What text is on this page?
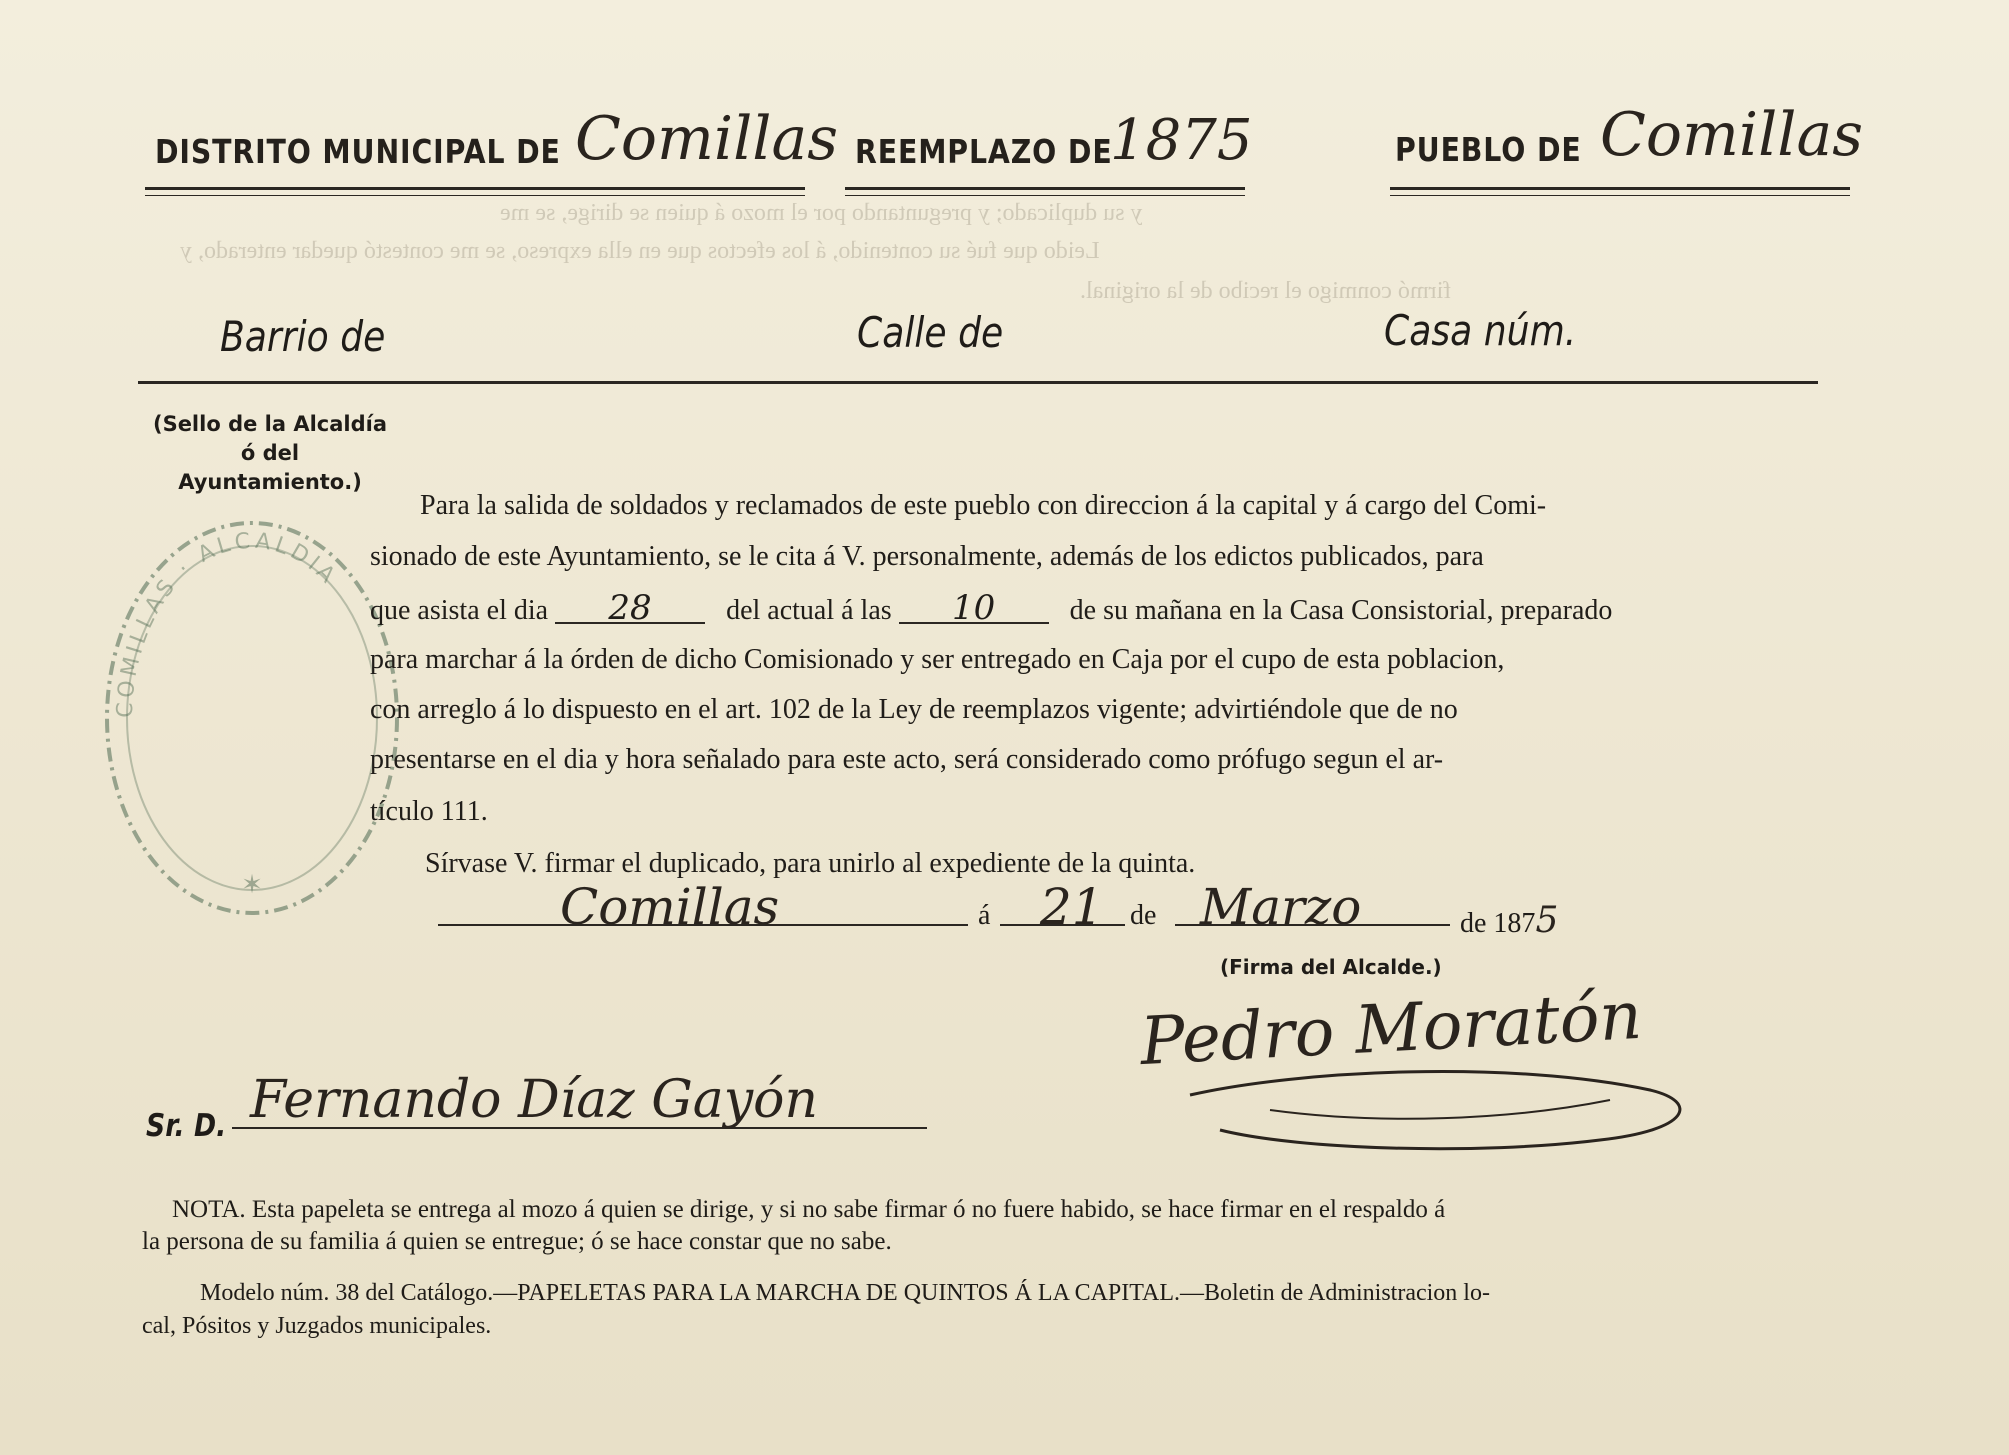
y su duplicado; y preguntando por el mozo á quien se dirige, se me
Leido que fué su contenido, á los efectos que en ella expreso, se me contestó quedar enterado, y
firmó conmigo el recibo de la original.
DISTRITO MUNICIPAL DE Comillas REEMPLAZO DE
1875	PUEBLO DE Comillas
Barrio de	Calle de	Casa núm.
(Sello de la Alcaldía
ó del
Ayuntamiento.)
COMILLAS · ALCALDIA
✶
Para la salida de soldados y reclamados de este pueblo con direccion á la capital y á cargo del Comi-
sionado de este Ayuntamiento, se le cita á V. personalmente, además de los edictos publicados, para
que asista el dia 28	del actual á las 10	de su mañana en la Casa Consistorial, preparado
para marchar á la órden de dicho Comisionado y ser entregado en Caja por el cupo de esta poblacion,
con arreglo á lo dispuesto en el art. 102 de la Ley de reemplazos vigente; advirtiéndole que de no
presentarse en el dia y hora señalado para este acto, será considerado como prófugo segun el ar-
tículo 111.
Sírvase V. firmar el duplicado, para unirlo al expediente de la quinta.
Comillas	á 21 de Marzo	de 1875
(Firma del Alcalde.)
Pedro Moratón
Sr. D. Fernando Díaz Gayón
NOTA. Esta papeleta se entrega al mozo á quien se dirige, y si no sabe firmar ó no fuere habido, se hace firmar en el respaldo á
la persona de su familia á quien se entregue; ó se hace constar que no sabe.
Modelo núm. 38 del Catálogo.—PAPELETAS PARA LA MARCHA DE QUINTOS Á LA CAPITAL.—Boletin de Administracion lo-
cal, Pósitos y Juzgados municipales.
